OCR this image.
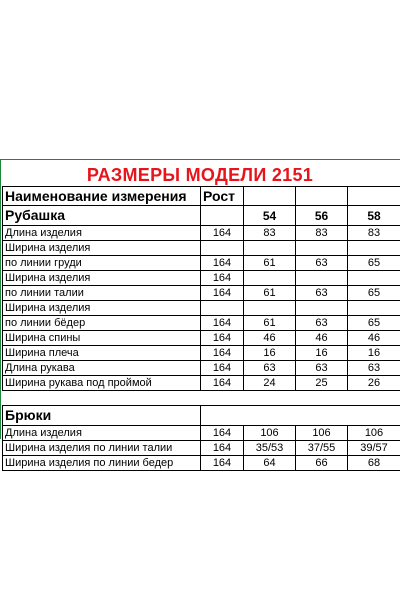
РАЗМЕРЫ МОДЕЛИ 2151
Наименование измерения	Рост			
Рубашка		54	56	58
Длина изделия	164	83	83	83
Ширина изделия				
по линии груди	164	61	63	65
Ширина изделия	164			
по линии талии	164	61	63	65
Ширина изделия				
по линии бёдер	164	61	63	65
Ширина спины	164	46	46	46
Ширина плеча	164	16	16	16
Длина рукава	164	63	63	63
Ширина рукава под проймой	164	24	25	26

Брюки				
Длина изделия	164	106	106	106
Ширина изделия по линии талии	164	35/53	37/55	39/57
Ширина изделия по линии бедер	164	64	66	68
